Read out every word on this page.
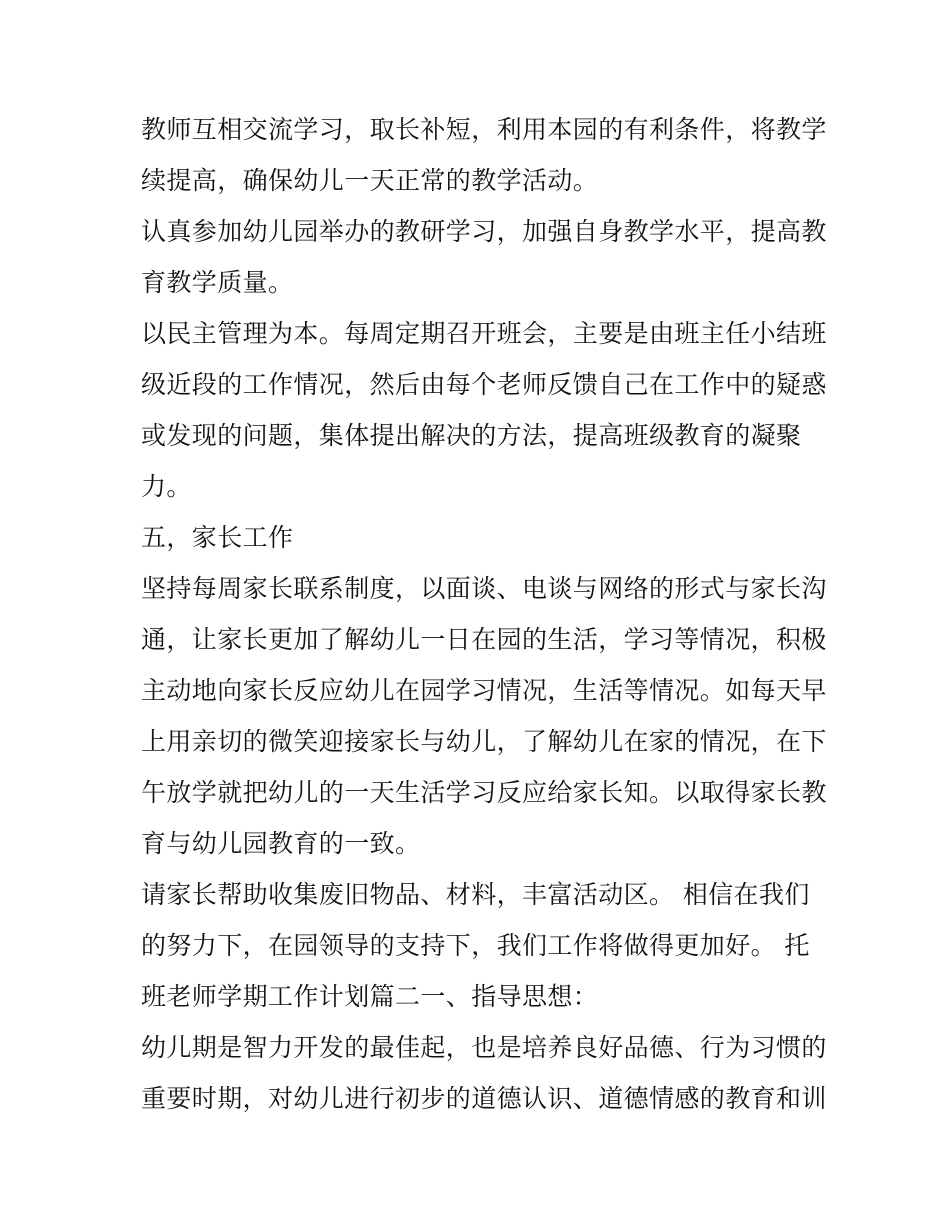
教师互相交流学习，取长补短，利用本园的有利条件，将教学
续提高，确保幼儿一天正常的教学活动。
认真参加幼儿园举办的教研学习，加强自身教学水平，提高教
育教学质量。
以民主管理为本。每周定期召开班会，主要是由班主任小结班
级近段的工作情况，然后由每个老师反馈自己在工作中的疑惑
或发现的问题，集体提出解决的方法，提高班级教育的凝聚
力。
五，家长工作
坚持每周家长联系制度，以面谈、电谈与网络的形式与家长沟
通，让家长更加了解幼儿一日在园的生活，学习等情况，积极
主动地向家长反应幼儿在园学习情况，生活等情况。如每天早
上用亲切的微笑迎接家长与幼儿，了解幼儿在家的情况，在下
午放学就把幼儿的一天生活学习反应给家长知。以取得家长教
育与幼儿园教育的一致。
请家长帮助收集废旧物品、材料，丰富活动区。 相信在我们
的努力下，在园领导的支持下，我们工作将做得更加好。 托
班老师学期工作计划篇二一、指导思想：
幼儿期是智力开发的最佳起，也是培养良好品德、行为习惯的
重要时期，对幼儿进行初步的道德认识、道德情感的教育和训
